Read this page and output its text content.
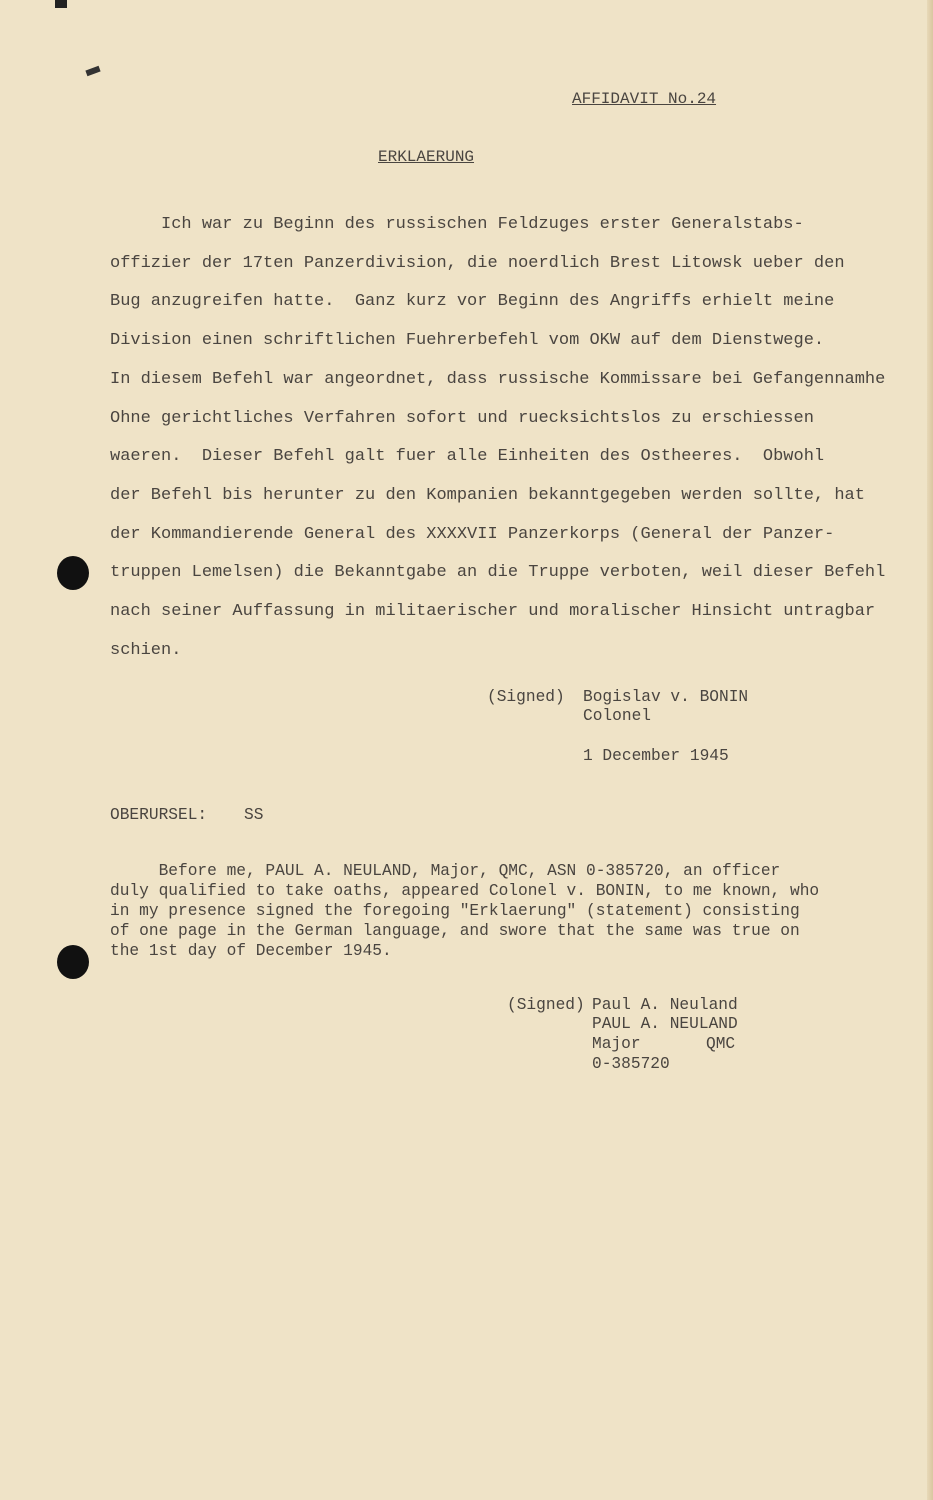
AFFIDAVIT No.24
ERKLAERUNG
Ich war zu Beginn des russischen Feldzuges erster Generalstabs-
offizier der 17ten Panzerdivision, die noerdlich Brest Litowsk ueber den
Bug anzugreifen hatte.  Ganz kurz vor Beginn des Angriffs erhielt meine
Division einen schriftlichen Fuehrerbefehl vom OKW auf dem Dienstwege.
In diesem Befehl war angeordnet, dass russische Kommissare bei Gefangennamhe
Ohne gerichtliches Verfahren sofort und ruecksichtslos zu erschiessen
waeren.  Dieser Befehl galt fuer alle Einheiten des Ostheeres.  Obwohl
der Befehl bis herunter zu den Kompanien bekanntgegeben werden sollte, hat
der Kommandierende General des XXXXVII Panzerkorps (General der Panzer-
truppen Lemelsen) die Bekanntgabe an die Truppe verboten, weil dieser Befehl
nach seiner Auffassung in militaerischer und moralischer Hinsicht untragbar
schien.
(Signed) Bogislav v. BONIN
Colonel
1 December 1945
OBERURSEL: SS
Before me, PAUL A. NEULAND, Major, QMC, ASN 0-385720, an officer
duly qualified to take oaths, appeared Colonel v. BONIN, to me known, who
in my presence signed the foregoing "Erklaerung" (statement) consisting
of one page in the German language, and swore that the same was true on
the 1st day of December 1945.
(Signed) Paul A. Neuland
PAUL A. NEULAND
Major	QMC
0-385720
